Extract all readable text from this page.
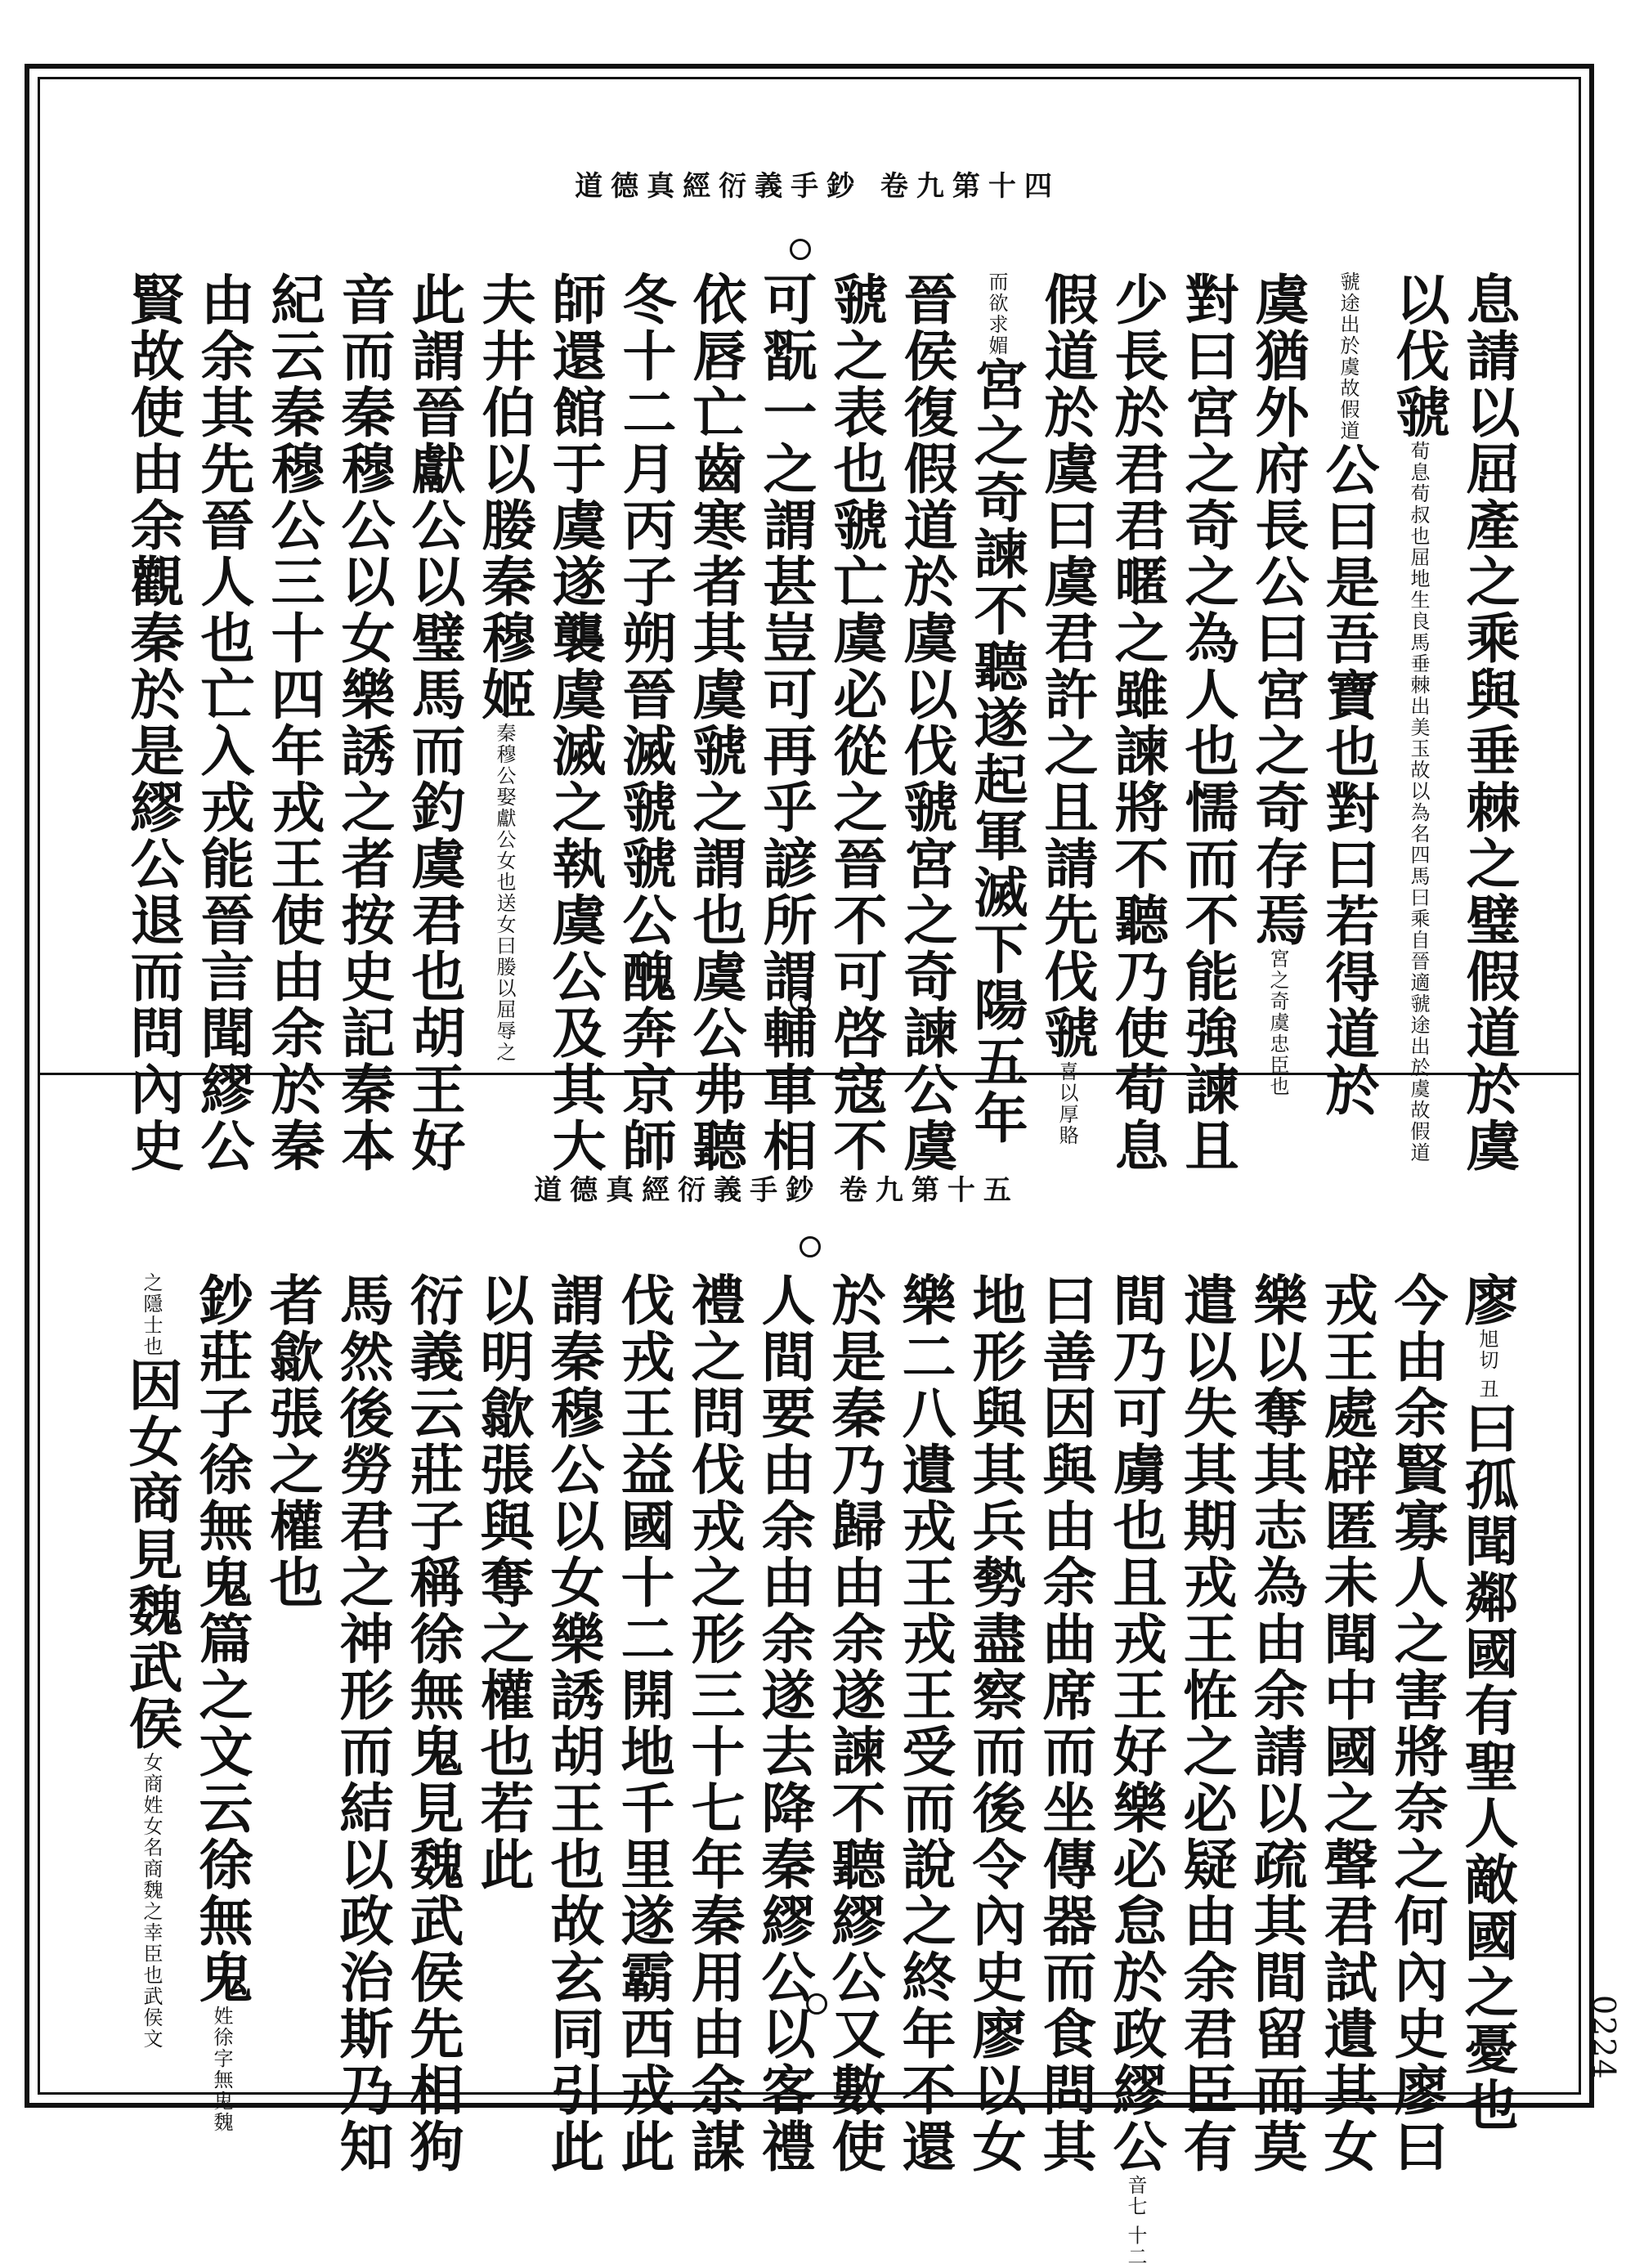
道德真經衍義手鈔 卷九第十四
息請以屈產之乘與垂棘之璧假道於虞
以伐虢荀息荀叔也屈地生良馬垂棘出美玉故以為名四馬曰乘自晉適虢途出於虞故假道
虢途出於虞故假道公曰是吾寶也對曰若得道於
虞猶外府長公曰宮之奇存焉宮之奇虞忠臣也
對曰宮之奇之為人也懦而不能強諫且
少長於君君暱之雖諫將不聽乃使荀息
假道於虞曰虞君許之且請先伐虢喜以厚賂
而欲求媚宮之奇諫不聽遂起軍滅下陽五年
晉侯復假道於虞以伐虢宮之奇諫公虞
虢之表也虢亡虞必從之晉不可啓寇不
可翫一之謂甚豈可再乎諺所謂輔車相
依唇亡齒寒者其虞虢之謂也虞公弗聽
冬十二月丙子朔晉滅虢虢公醜奔京師
師還館于虞遂襲虞滅之執虞公及其大
夫井伯以媵秦穆姬秦穆公娶獻公女也送女曰媵以屈辱之
此謂晉獻公以璧馬而釣虞君也胡王好
音而秦穆公以女樂誘之者按史記秦本
紀云秦穆公三十四年戎王使由余於秦
由余其先晉人也亡入戎能晉言聞繆公
賢故使由余觀秦於是繆公退而問內史
道德真經衍義手鈔 卷九第十五
廖旭切 丑曰孤聞鄰國有聖人敵國之憂也
今由余賢寡人之害將奈之何內史廖曰
戎王處辟匿未聞中國之聲君試遺其女
樂以奪其志為由余請以疏其間留而莫
遣以失其期戎王恠之必疑由余君臣有
間乃可虜也且戎王好樂必怠於政繆公音七 十二
曰善因與由余曲席而坐傳器而食問其
地形與其兵勢盡察而後令內史廖以女
樂二八遺戎王戎王受而說之終年不還
於是秦乃歸由余遂諫不聽繆公又數使
人間要由余由余遂去降秦繆公以客禮
禮之問伐戎之形三十七年秦用由余謀
伐戎王益國十二開地千里遂霸西戎此
謂秦穆公以女樂誘胡王也故玄同引此
以明歙張與奪之權也若此
衍義云莊子稱徐無鬼見魏武侯先相狗
馬然後勞君之神形而結以政治斯乃知
者歙張之權也
鈔莊子徐無鬼篇之文云徐無鬼姓徐字無鬼魏
之隱士也因女商見魏武侯女商姓女名商魏之幸臣也武侯文	0224
